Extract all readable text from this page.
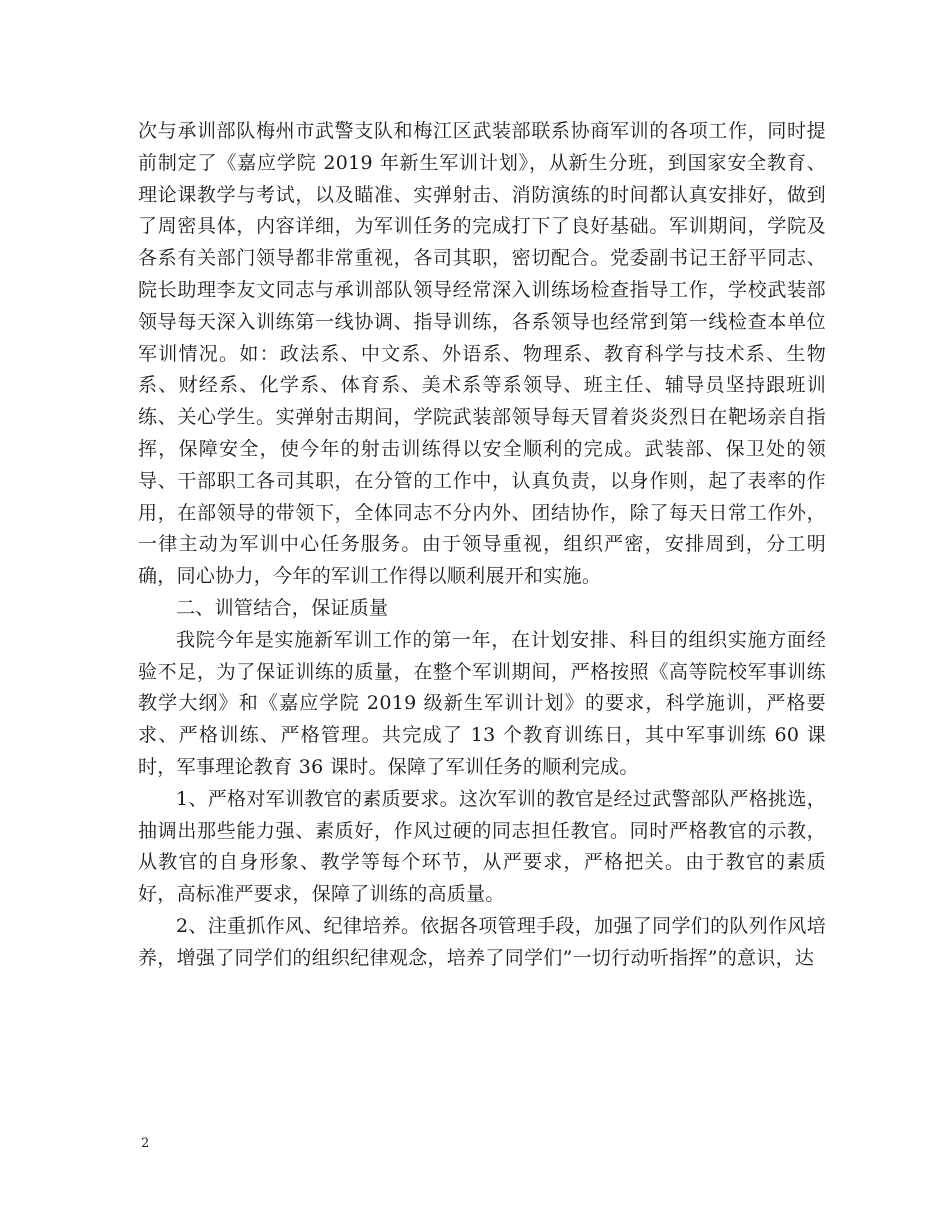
次与承训部队梅州市武警支队和梅江区武装部联系协商军训的各项工作，同时提前制定了《嘉应学院 2019 年新生军训计划》，从新生分班，到国家安全教育、理论课教学与考试，以及瞄准、实弹射击、消防演练的时间都认真安排好，做到了周密具体，内容详细，为军训任务的完成打下了良好基础。军训期间，学院及各系有关部门领导都非常重视，各司其职，密切配合。党委副书记王舒平同志、院长助理李友文同志与承训部队领导经常深入训练场检查指导工作，学校武装部领导每天深入训练第一线协调、指导训练，各系领导也经常到第一线检查本单位军训情况。如：政法系、中文系、外语系、物理系、教育科学与技术系、生物系、财经系、化学系、体育系、美术系等系领导、班主任、辅导员坚持跟班训练、关心学生。实弹射击期间，学院武装部领导每天冒着炎炎烈日在靶场亲自指挥，保障安全，使今年的射击训练得以安全顺利的完成。武装部、保卫处的领导、干部职工各司其职，在分管的工作中，认真负责，以身作则，起了表率的作用，在部领导的带领下，全体同志不分内外、团结协作，除了每天日常工作外，一律主动为军训中心任务服务。由于领导重视，组织严密，安排周到，分工明确，同心协力，今年的军训工作得以顺利展开和实施。

二、训管结合，保证质量

我院今年是实施新军训工作的第一年，在计划安排、科目的组织实施方面经验不足，为了保证训练的质量，在整个军训期间，严格按照《高等院校军事训练教学大纲》和《嘉应学院 2019 级新生军训计划》的要求，科学施训，严格要求、严格训练、严格管理。共完成了 13 个教育训练日，其中军事训练 60 课时，军事理论教育 36 课时。保障了军训任务的顺利完成。

1、严格对军训教官的素质要求。这次军训的教官是经过武警部队严格挑选，抽调出那些能力强、素质好，作风过硬的同志担任教官。同时严格教官的示教，从教官的自身形象、教学等每个环节，从严要求，严格把关。由于教官的素质好，高标准严要求，保障了训练的高质量。

2、注重抓作风、纪律培养。依据各项管理手段，加强了同学们的队列作风培养，增强了同学们的组织纪律观念，培养了同学们”一切行动听指挥”的意识，达

2
